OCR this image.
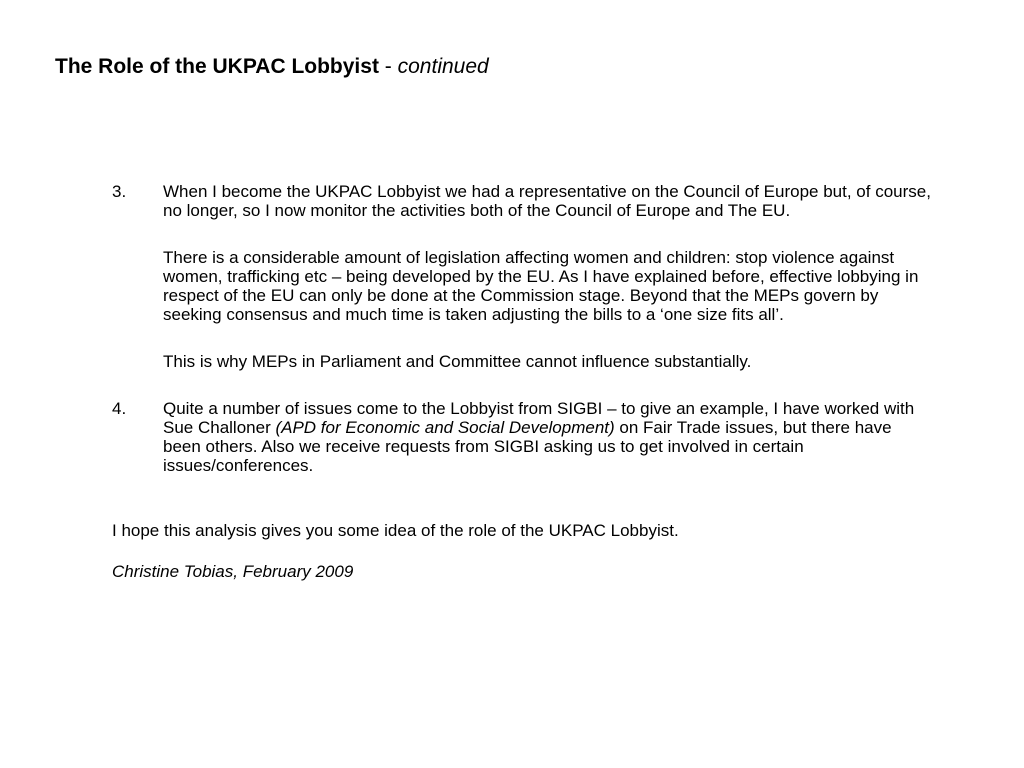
The Role of the UKPAC Lobbyist - continued
3. When I become the UKPAC Lobbyist we had a representative on the Council of Europe but, of course, no longer, so I now monitor the activities both of the Council of Europe and The EU.

There is a considerable amount of legislation affecting women and children: stop violence against women, trafficking etc – being developed by the EU. As I have explained before, effective lobbying in respect of the EU can only be done at the Commission stage. Beyond that the MEPs govern by seeking consensus and much time is taken adjusting the bills to a ‘one size fits all’.

This is why MEPs in Parliament and Committee cannot influence substantially.

4. Quite a number of issues come to the Lobbyist from SIGBI – to give an example, I have worked with Sue Challoner (APD for Economic and Social Development) on Fair Trade issues, but there have been others. Also we receive requests from SIGBI asking us to get involved in certain issues/conferences.

I hope this analysis gives you some idea of the role of the UKPAC Lobbyist.

Christine Tobias, February 2009
